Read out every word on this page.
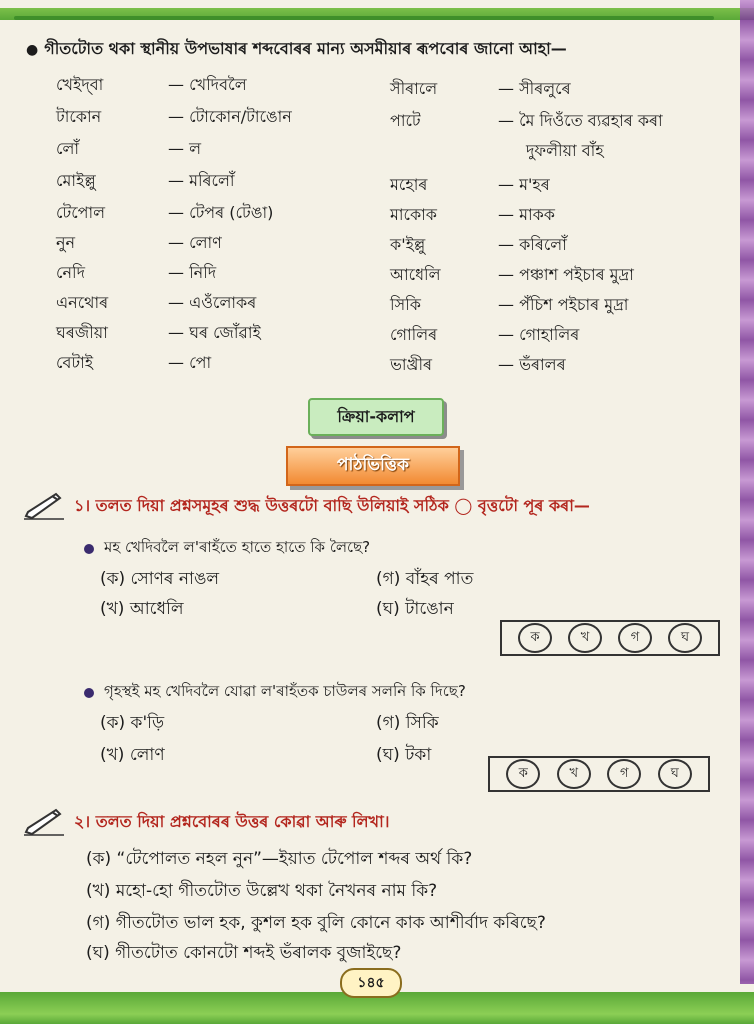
● গীতটোত থকা স্থানীয় উপভাষাৰ শব্দবোৰৰ মান্য অসমীয়াৰ ৰূপবোৰ জানো আহা—
খেইদ্‌বা	— খেদিবলৈ
টাকোন	— টোকোন/টাঙোন
লোঁ	— ল
মোইল্লু	— মৰিলোঁ
টেপোল	— টেপৰ (টেঙা)
নুন	— লোণ
নেদি	— নিদি
এনথোৰ	— এওঁলোকৰ
ঘৰজীয়া	— ঘৰ জোঁৱাই
বেটাই	— পো
সীৰালে	— সীৰলুৰে
পাটে	— মৈ দিওঁতে ব্যৱহাৰ কৰা
দুফলীয়া বাঁহ
মহোৰ	— ম'হৰ
মাকোক	— মাকক
ক'ইল্লু	— কৰিলোঁ
আধেলি	— পঞ্চাশ পইচাৰ মুদ্ৰা
সিকি	— পঁচিশ পইচাৰ মুদ্ৰা
গোলিৰ	— গোহালিৰ
ভাখ্ৰীৰ	— ভঁৰালৰ
ক্ৰিয়া-কলাপ
পাঠভিত্তিক
১। তলত দিয়া প্ৰশ্নসমূহৰ শুদ্ধ উত্তৰটো বাছি উলিয়াই সঠিক ◯ বৃত্তটো পূৰ কৰা—
মহ খেদিবলৈ ল'ৰাহঁতে হাতে হাতে কি লৈছে?
(ক) সোণৰ নাঙল
(খ) আধেলি
(গ) বাঁহৰ পাত
(ঘ) টাঙোন
ক	খ	গ	ঘ
গৃহস্থই মহ খেদিবলৈ যোৱা ল'ৰাহঁতক চাউলৰ সলনি কি দিছে?
(ক) ক'ড়ি
(খ) লোণ
(গ) সিকি
(ঘ) টকা
ক	খ	গ	ঘ
২। তলত দিয়া প্ৰশ্নবোৰৰ উত্তৰ কোৱা আৰু লিখা।
(ক) “টেপোলত নহল নুন”—ইয়াত টেপোল শব্দৰ অৰ্থ কি?
(খ) মহো-হো গীতটোত উল্লেখ থকা নৈখনৰ নাম কি?
(গ) গীতটোত ভাল হক, কুশল হক বুলি কোনে কাক আশীৰ্বাদ কৰিছে?
(ঘ) গীতটোত কোনটো শব্দই ভঁৰালক বুজাইছে?
১৪৫
